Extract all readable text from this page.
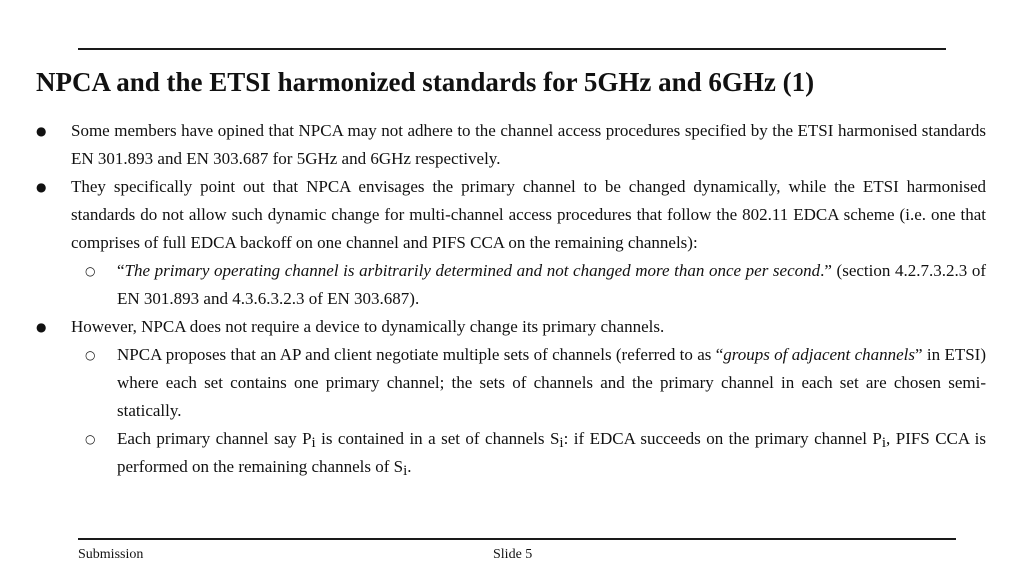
NPCA and the ETSI harmonized standards for 5GHz and 6GHz (1)
● Some members have opined that NPCA may not adhere to the channel access procedures specified by the ETSI harmonised standards EN 301.893 and EN 303.687 for 5GHz and 6GHz respectively.
● They specifically point out that NPCA envisages the primary channel to be changed dynamically, while the ETSI harmonised standards do not allow such dynamic change for multi-channel access procedures that follow the 802.11 EDCA scheme (i.e. one that comprises of full EDCA backoff on one channel and PIFS CCA on the remaining channels):
○ “The primary operating channel is arbitrarily determined and not changed more than once per second.” (section 4.2.7.3.2.3 of EN 301.893 and 4.3.6.3.2.3 of EN 303.687).
● However, NPCA does not require a device to dynamically change its primary channels.
○ NPCA proposes that an AP and client negotiate multiple sets of channels (referred to as “groups of adjacent channels” in ETSI) where each set contains one primary channel; the sets of channels and the primary channel in each set are chosen semi-statically.
○ Each primary channel say $P_i$ is contained in a set of channels $S_i$: if EDCA succeeds on the primary channel $P_i$, PIFS CCA is performed on the remaining channels of $S_i$.
Submission	Slide 5
